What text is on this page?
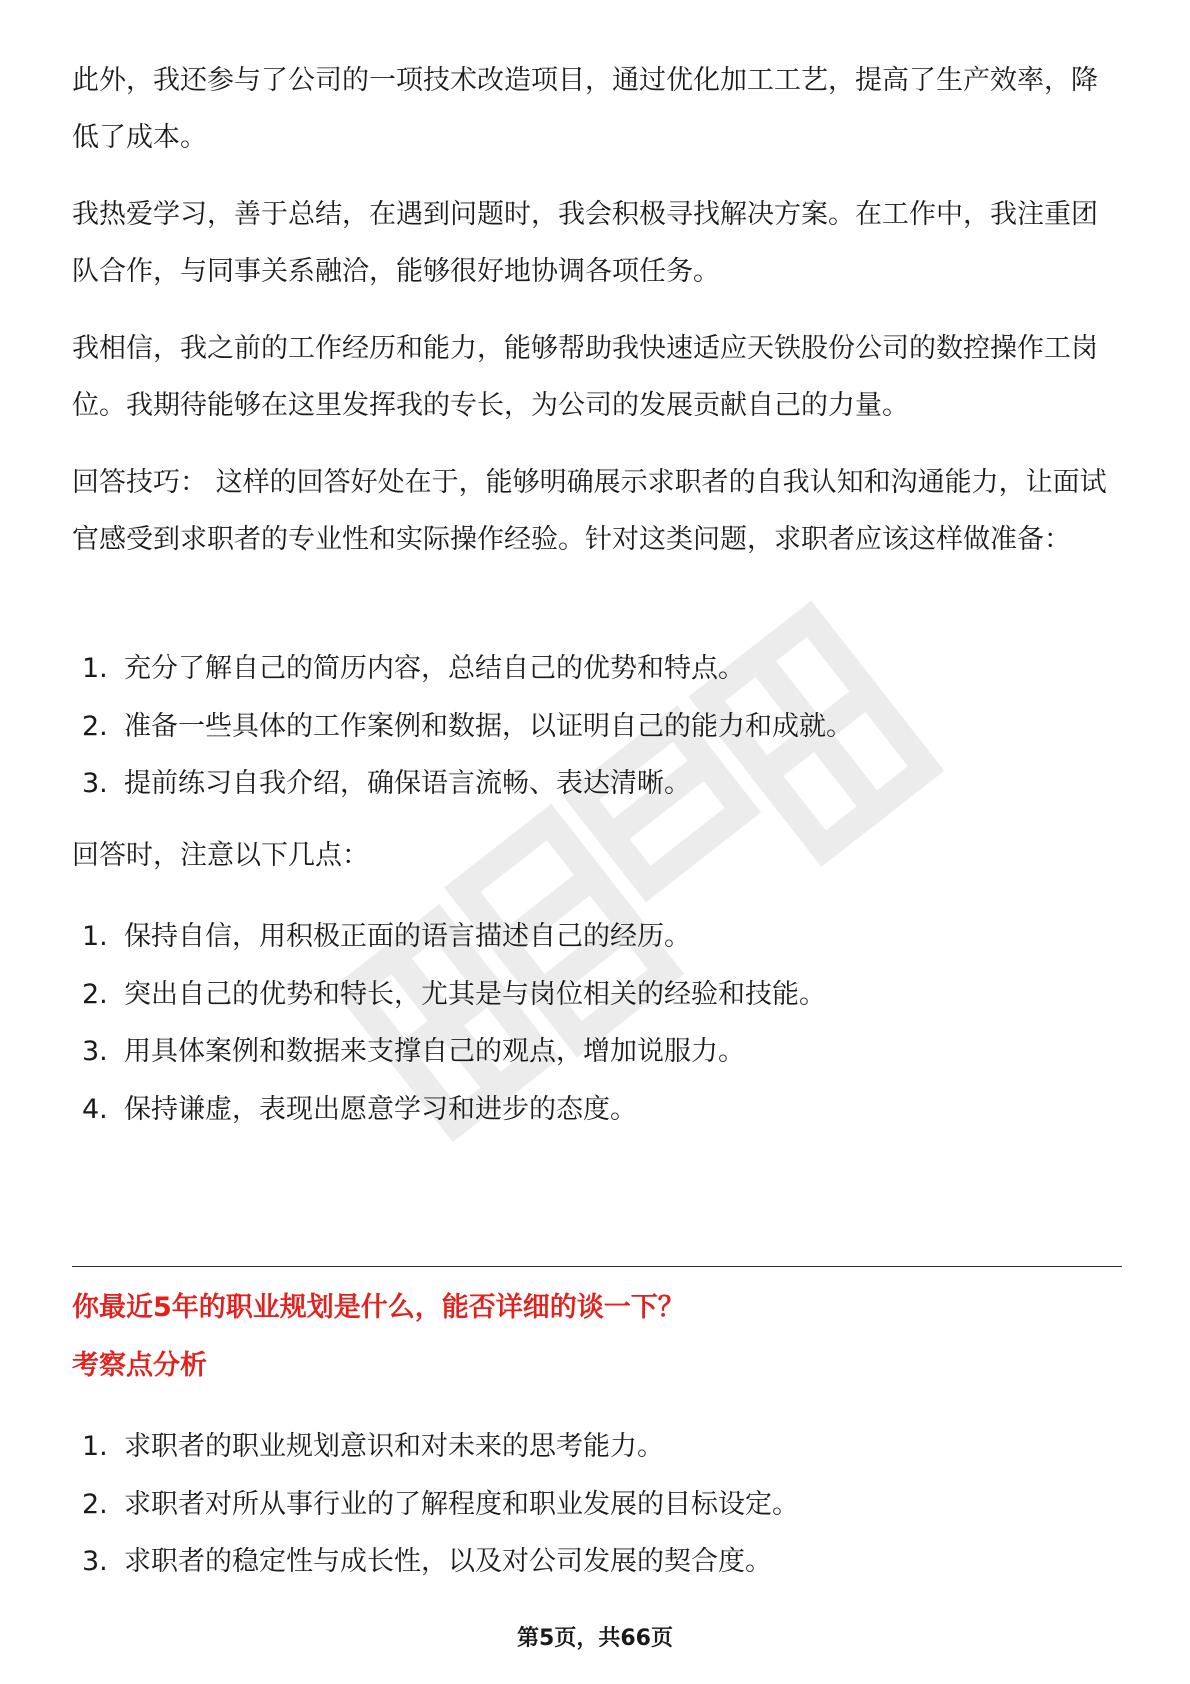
此外，我还参与了公司的一项技术改造项目，通过优化加工工艺，提高了生产效率，降低了成本。

我热爱学习，善于总结，在遇到问题时，我会积极寻找解决方案。在工作中，我注重团队合作，与同事关系融洽，能够很好地协调各项任务。

我相信，我之前的工作经历和能力，能够帮助我快速适应天铁股份公司的数控操作工岗位。我期待能够在这里发挥我的专长，为公司的发展贡献自己的力量。

回答技巧： 这样的回答好处在于，能够明确展示求职者的自我认知和沟通能力，让面试官感受到求职者的专业性和实际操作经验。针对这类问题，求职者应该这样做准备：

1. 充分了解自己的简历内容，总结自己的优势和特点。
2. 准备一些具体的工作案例和数据，以证明自己的能力和成就。
3. 提前练习自我介绍，确保语言流畅、表达清晰。

回答时，注意以下几点：

1. 保持自信，用积极正面的语言描述自己的经历。
2. 突出自己的优势和特长，尤其是与岗位相关的经验和技能。
3. 用具体案例和数据来支撑自己的观点，增加说服力。
4. 保持谦虚，表现出愿意学习和进步的态度。
你最近5年的职业规划是什么，能否详细的谈一下？
考察点分析
1. 求职者的职业规划意识和对未来的思考能力。
2. 求职者对所从事行业的了解程度和职业发展的目标设定。
3. 求职者的稳定性与成长性，以及对公司发展的契合度。
第5页，共66页
